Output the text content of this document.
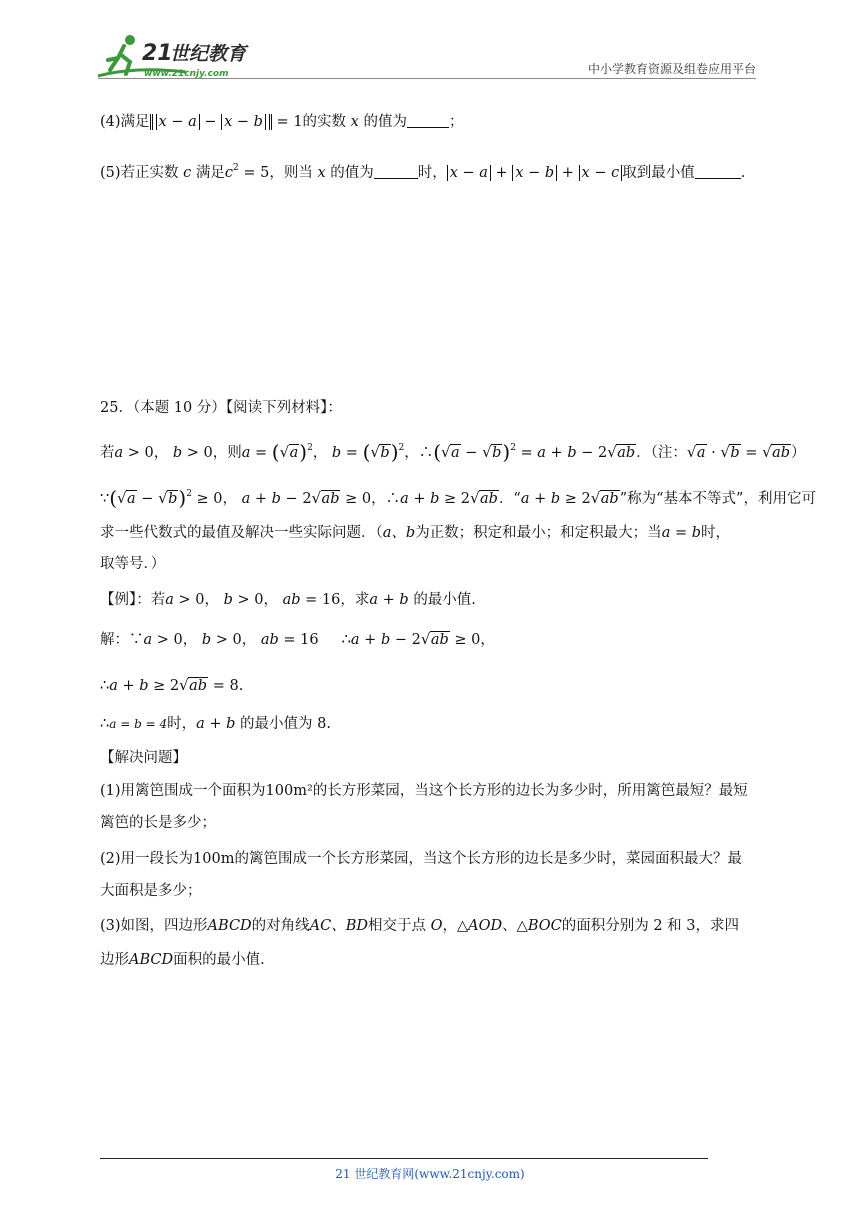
21
世纪教育
www.21cnjy.com	中小学教育资源及组卷应用平台
(4)满足 x − a − x − b = 1的实数 x 的值为	；
(5)若正实数 c 满足$c^2 = 5$，则当 x 的值为	时， x − a + x − b + x − c 取到最小值	.
25．（本题 10 分）【阅读下列材料】：
若a > 0， b > 0，则a = ( √ a)$^2$， b = ( √ b)$^2$，∴( √ a − √ b)$^2$ = a + b − 2 √ ab．（注： √ a · √ b = √ ab）
∵( √ a − √ b)$^2$ ≥ 0， a + b − 2 √ ab ≥ 0，∴a + b ≥ 2 √ ab．“a + b ≥ 2 √ ab”称为“基本不等式”，利用它可
求一些代数式的最值及解决一些实际问题．（a、b为正数；积定和最小；和定积最大；当a = b时，
取等号．）
【例】：若a > 0， b > 0， ab = 16，求a + b 的最小值.
解：∵a > 0， b > 0， ab = 16     ∴a + b − 2 √ ab ≥ 0，
∴a + b ≥ 2 √ ab = 8.
∴a = b = 4时，a + b 的最小值为 8.
【解决问题】
(1)用篱笆围成一个面积为100m²的长方形菜园，当这个长方形的边长为多少时，所用篱笆最短？最短
篱笆的长是多少；
(2)用一段长为100m的篱笆围成一个长方形菜园，当这个长方形的边长是多少时，菜园面积最大？最
大面积是多少；
(3)如图，四边形ABCD的对角线AC、BD相交于点 O，△AOD、△BOC的面积分别为 2 和 3，求四
边形ABCD面积的最小值.
21 世纪教育网(www.21cnjy.com)
